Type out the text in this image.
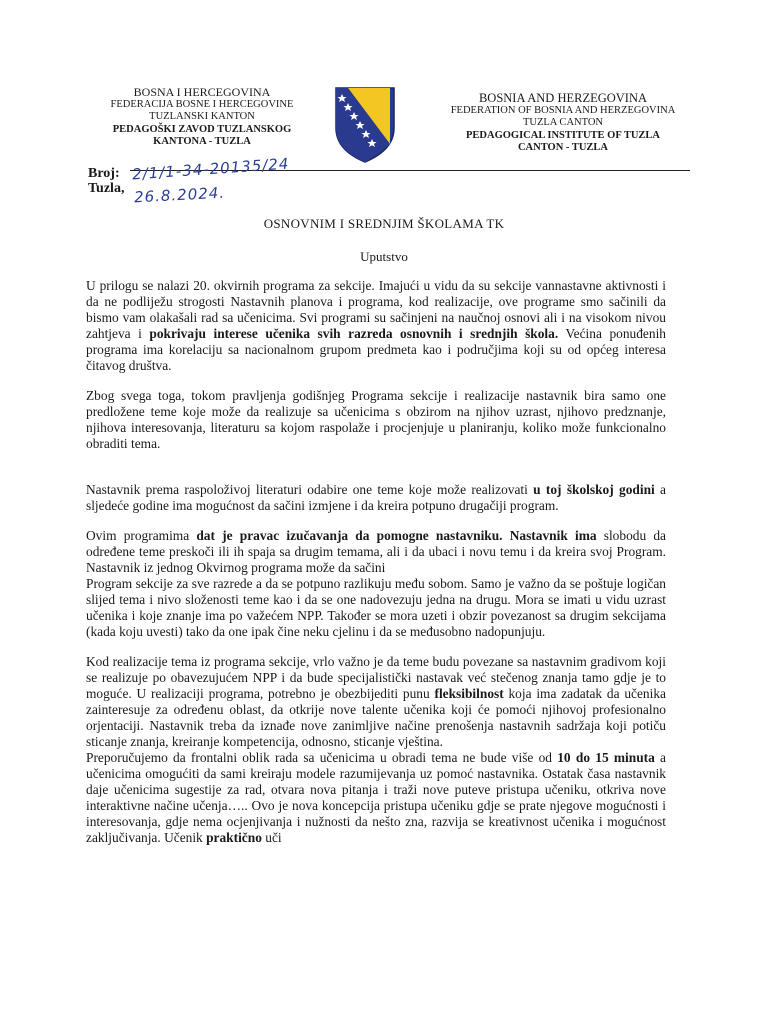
BOSNA I HERCEGOVINA
FEDERACIJA BOSNE I HERCEGOVINE
TUZLANSKI KANTON
PEDAGOŠKI ZAVOD TUZLANSKOG
KANTONA - TUZLA
BOSNIA AND HERZEGOVINA
FEDERATION OF BOSNIA AND HERZEGOVINA
TUZLA CANTON
PEDAGOGICAL INSTITUTE OF TUZLA
CANTON - TUZLA
Broj: 2/1/1-34-20135/24
Tuzla, 26.8.2024.
OSNOVNIM I SREDNJIM ŠKOLAMA TK
Uputstvo

U prilogu se nalazi 20. okvirnih programa za sekcije. Imajući u vidu da su sekcije vannastavne aktivnosti i da ne podliježu strogosti Nastavnih planova i programa, kod realizacije, ove programe smo sačinili da bismo vam olakašali rad sa učenicima. Svi programi su sačinjeni na naučnoj osnovi ali i na visokom nivou zahtjeva i pokrivaju interese učenika svih razreda osnovnih i srednjih škola. Većina ponuđenih programa ima korelaciju sa nacionalnom grupom predmeta kao i područjima koji su od općeg interesa čitavog društva.

Zbog svega toga, tokom pravljenja godišnjeg Programa sekcije i realizacije nastavnik bira samo one predložene teme koje može da realizuje sa učenicima s obzirom na njihov uzrast, njihovo predznanje, njihova interesovanja, literaturu sa kojom raspolaže i procjenjuje u planiranju, koliko može funkcionalno obraditi tema.

Nastavnik prema raspoloživoj literaturi odabire one teme koje može realizovati u toj školskoj godini a sljedeće godine ima mogućnost da sačini izmjene i da kreira potpuno drugačiji program.

Ovim programima dat je pravac izučavanja da pomogne nastavniku. Nastavnik ima slobodu da određene teme preskoči ili ih spaja sa drugim temama, ali i da ubaci i novu temu i da kreira svoj Program. Nastavnik iz jednog Okvirnog programa može da sačini

Program sekcije za sve razrede a da se potpuno razlikuju među sobom. Samo je važno da se poštuje logičan slijed tema i nivo složenosti teme kao i da se one nadovezuju jedna na drugu. Mora se imati u vidu uzrast učenika i koje znanje ima po važećem NPP. Također se mora uzeti i obzir povezanost sa drugim sekcijama (kada koju uvesti) tako da one ipak čine neku cjelinu i da se međusobno nadopunjuju.

Kod realizacije tema iz programa sekcije, vrlo važno je da teme budu povezane sa nastavnim gradivom koji se realizuje po obavezujućem NPP i da bude specijalistički nastavak već stečenog znanja tamo gdje je to moguće. U realizaciji programa, potrebno je obezbijediti punu fleksibilnost koja ima zadatak da učenika zainteresuje za određenu oblast, da otkrije nove talente učenika koji će pomoći njihovoj profesionalno orjentaciji. Nastavnik treba da iznađe nove zanimljive načine prenošenja nastavnih sadržaja koji potiču sticanje znanja, kreiranje kompetencija, odnosno, sticanje vještina.

Preporučujemo da frontalni oblik rada sa učenicima u obradi tema ne bude više od 10 do 15 minuta a učenicima omogućiti da sami kreiraju modele razumijevanja uz pomoć nastavnika. Ostatak časa nastavnik daje učenicima sugestije za rad, otvara nova pitanja i traži nove puteve pristupa učeniku, otkriva nove interaktivne načine učenja….. Ovo je nova koncepcija pristupa učeniku gdje se prate njegove mogućnosti i interesovanja, gdje nema ocjenjivanja i nužnosti da nešto zna, razvija se kreativnost učenika i mogućnost zaključivanja. Učenik praktično uči
